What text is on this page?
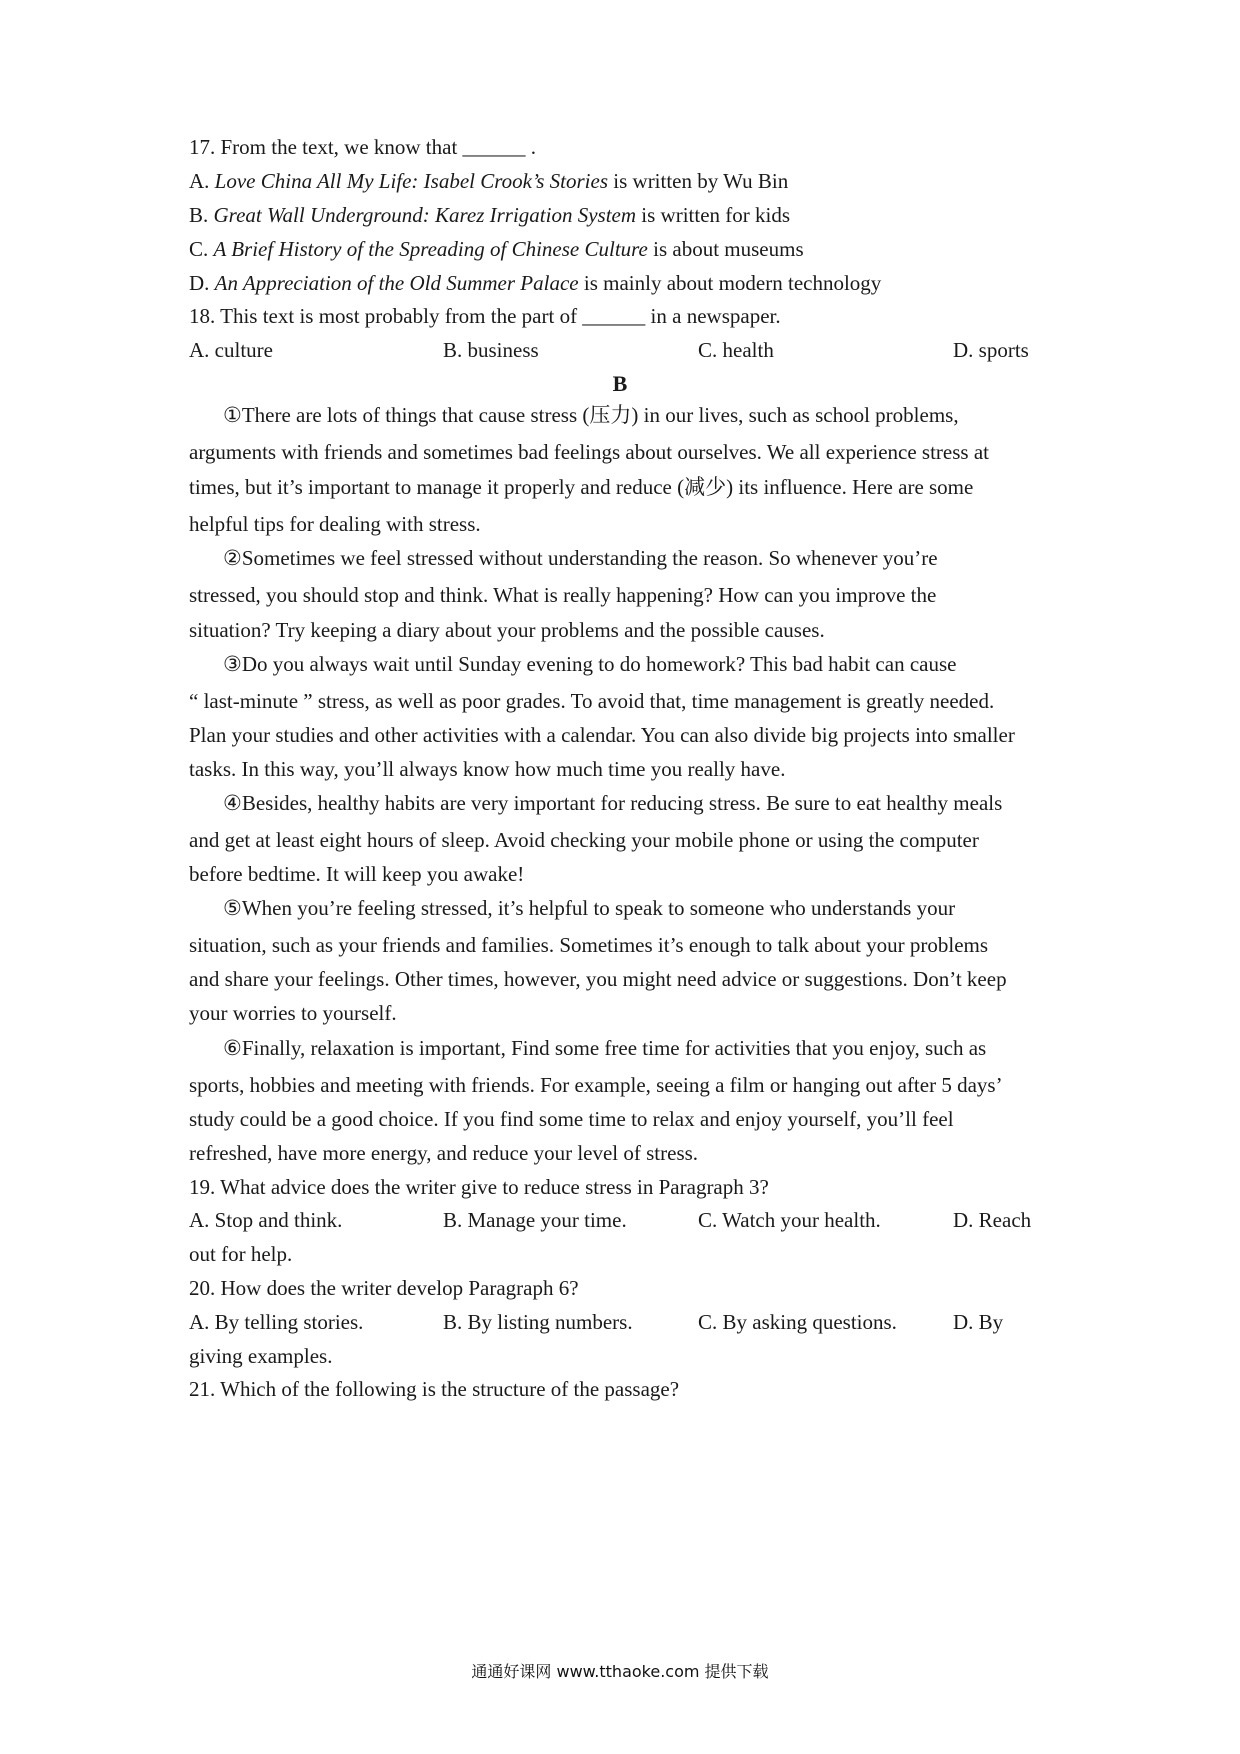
17. From the text, we know that ______ .
A. Love China All My Life: Isabel Crook’s Stories is written by Wu Bin
B. Great Wall Underground: Karez Irrigation System is written for kids
C. A Brief History of the Spreading of Chinese Culture is about museums
D. An Appreciation of the Old Summer Palace is mainly about modern technology
18. This text is most probably from the part of ______ in a newspaper.
A. culture	B. business	C. health	D. sports
B
①There are lots of things that cause stress (压力) in our lives, such as school problems,
arguments with friends and sometimes bad feelings about ourselves. We all experience stress at
times, but it’s important to manage it properly and reduce (减少) its influence. Here are some
helpful tips for dealing with stress.
②Sometimes we feel stressed without understanding the reason. So whenever you’re
stressed, you should stop and think. What is really happening? How can you improve the
situation? Try keeping a diary about your problems and the possible causes.
③Do you always wait until Sunday evening to do homework? This bad habit can cause
“ last-minute ” stress, as well as poor grades. To avoid that, time management is greatly needed.
Plan your studies and other activities with a calendar. You can also divide big projects into smaller
tasks. In this way, you’ll always know how much time you really have.
④Besides, healthy habits are very important for reducing stress. Be sure to eat healthy meals
and get at least eight hours of sleep. Avoid checking your mobile phone or using the computer
before bedtime. It will keep you awake!
⑤When you’re feeling stressed, it’s helpful to speak to someone who understands your
situation, such as your friends and families. Sometimes it’s enough to talk about your problems
and share your feelings. Other times, however, you might need advice or suggestions. Don’t keep
your worries to yourself.
⑥Finally, relaxation is important, Find some free time for activities that you enjoy, such as
sports, hobbies and meeting with friends. For example, seeing a film or hanging out after 5 days’
study could be a good choice. If you find some time to relax and enjoy yourself, you’ll feel
refreshed, have more energy, and reduce your level of stress.
19. What advice does the writer give to reduce stress in Paragraph 3?
A. Stop and think.	B. Manage your time.	C. Watch your health.	D. Reach
out for help.
20. How does the writer develop Paragraph 6?
A. By telling stories.	B. By listing numbers.	C. By asking questions.	D. By
giving examples.
21. Which of the following is the structure of the passage?
通通好课网 www.tthaoke.com 提供下载
